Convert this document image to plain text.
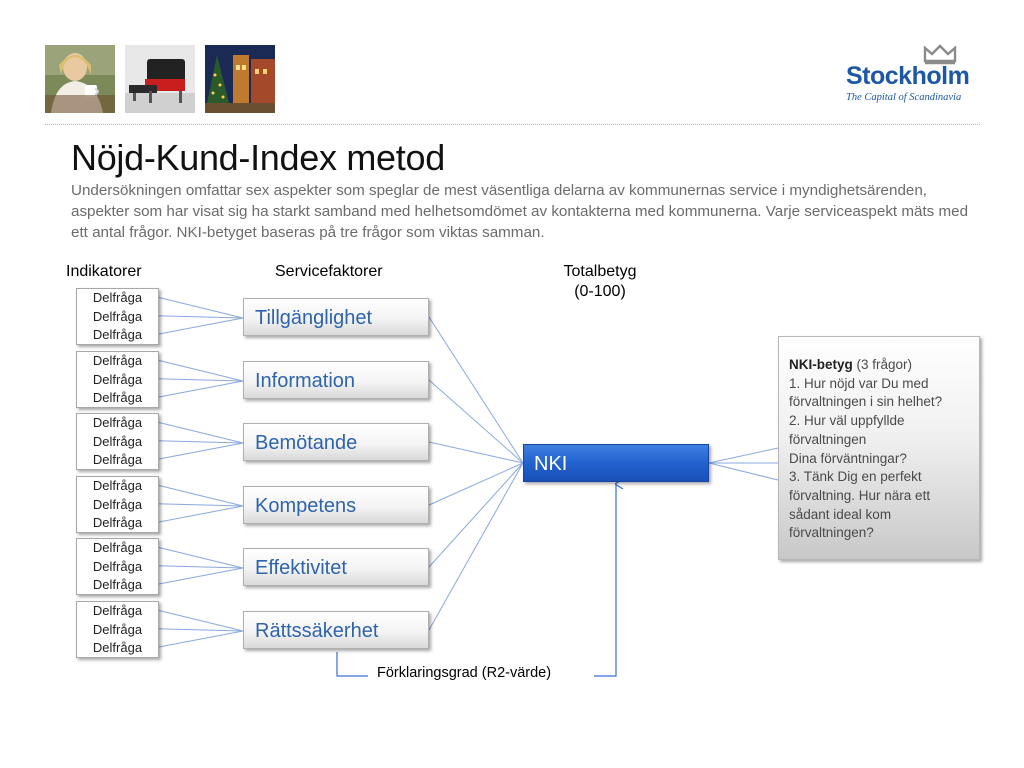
Stockholm
The Capital of Scandinavia
Nöjd-Kund-Index metod
Undersökningen omfattar sex aspekter som speglar de mest väsentliga delarna av kommunernas service i myndighetsärenden, aspekter som har visat sig ha starkt samband med helhetsomdömet av kontakterna med kommunerna. Varje serviceaspekt mäts med ett antal frågor. NKI-betyget baseras på tre frågor som viktas samman.
Indikatorer	Servicefaktorer	Totalbetyg
(0-100)
Delfråga
Delfråga
Delfråga
Delfråga
Delfråga
Delfråga
Delfråga
Delfråga
Delfråga
Delfråga
Delfråga
Delfråga
Delfråga
Delfråga
Delfråga
Delfråga
Delfråga
Delfråga
Tillgänglighet
Information
Bemötande
Kompetens
Effektivitet
Rättssäkerhet
NKI
NKI-betyg (3 frågor)
1. Hur nöjd var Du med
förvaltningen i sin helhet?
2. Hur väl uppfyllde
förvaltningen
Dina förväntningar?
3. Tänk Dig en perfekt
förvaltning. Hur nära ett
sådant ideal kom
förvaltningen?
Förklaringsgrad (R2-värde)
